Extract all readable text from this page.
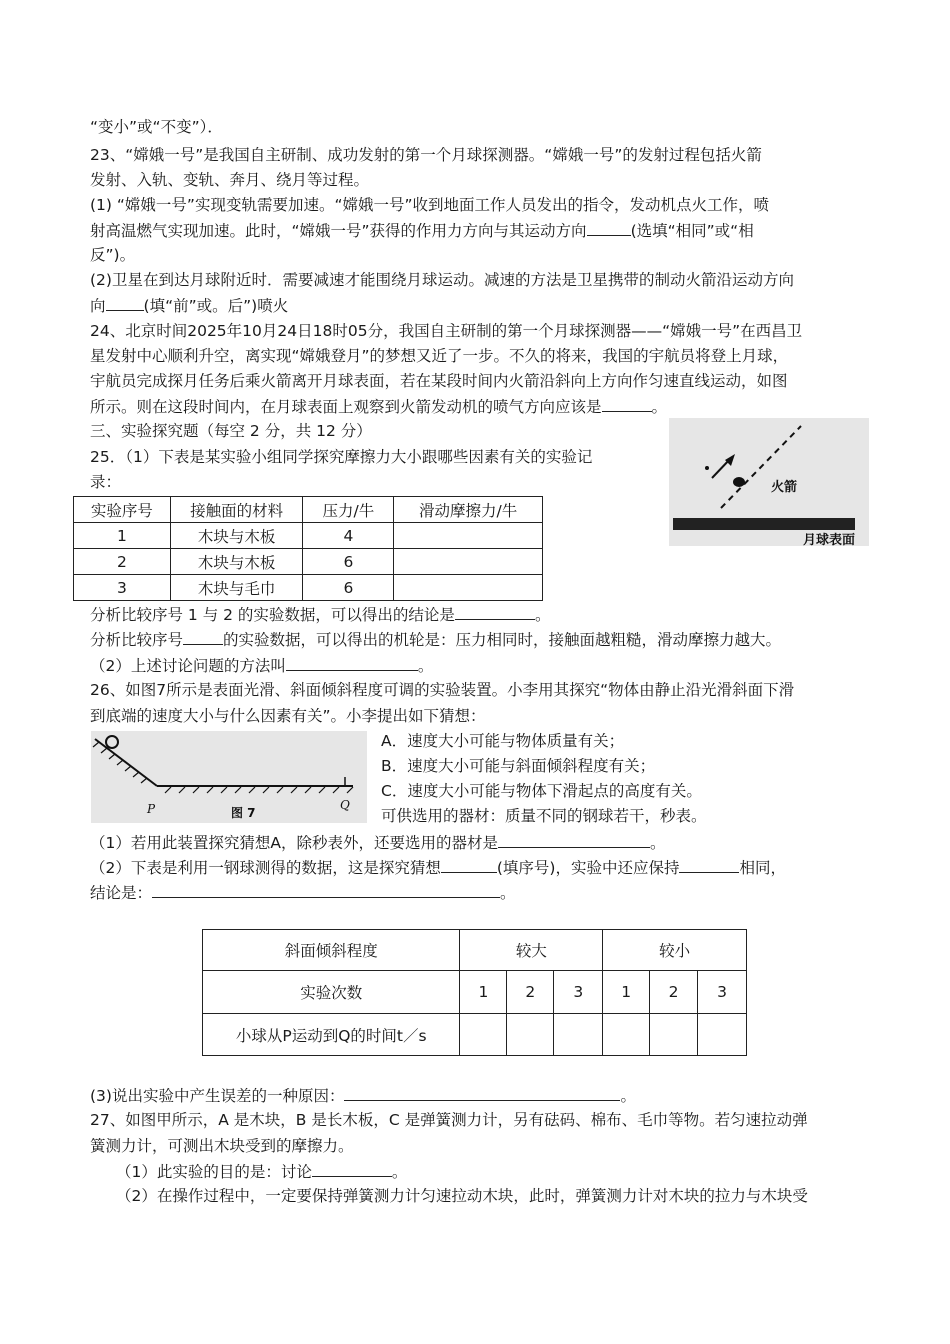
“变小”或“不变”）．
23、“嫦娥一号”是我国自主研制、成功发射的第一个月球探测器。“嫦娥一号”的发射过程包括火箭
发射、入轨、变轨、奔月、绕月等过程。
(1) “嫦娥一号”实现变轨需要加速。“嫦娥一号”收到地面工作人员发出的指令，发动机点火工作，喷
射高温燃气实现加速。此时，“嫦娥一号”获得的作用力方向与其运动方向	(选填“相同”或“相
反”)。
(2)卫星在到达月球附近时．需要减速才能围绕月球运动。减速的方法是卫星携带的制动火箭沿运动方向
向 (填“前”或。后”)喷火
24、北京时间2025年10月24日18时05分，我国自主研制的第一个月球探测器——“嫦娥一号”在西昌卫
星发射中心顺利升空，离实现“嫦娥登月”的梦想又近了一步。不久的将来，我国的宇航员将登上月球，
宇航员完成探月任务后乘火箭离开月球表面，若在某段时间内火箭沿斜向上方向作匀速直线运动，如图
所示。则在这段时间内，在月球表面上观察到火箭发动机的喷气方向应该是	。
三、实验探究题（每空 2 分，共 12 分）
25．（1）下表是某实验小组同学探究摩擦力大小跟哪些因素有关的实验记
录：	火箭
月球表面
实验序号	接触面的材料	压力/牛	滑动摩擦力/牛
1	木块与木板	4	
2	木块与木板	6	
3	木块与毛巾	6	
分析比较序号 1 与 2 的实验数据，可以得出的结论是	。
分析比较序号	的实验数据，可以得出的机轮是：压力相同时，接触面越粗糙，滑动摩擦力越大。
（2）上述讨论问题的方法叫	。
26、如图7所示是表面光滑、斜面倾斜程度可调的实验装置。小李用其探究“物体由静止沿光滑斜面下滑
到底端的速度大小与什么因素有关”。小李提出如下猜想：
P	图 7
Q
A．速度大小可能与物体质量有关；
B．速度大小可能与斜面倾斜程度有关；
C．速度大小可能与物体下滑起点的高度有关。
可供选用的器材：质量不同的钢球若干，秒表。
（1）若用此装置探究猜想A，除秒表外，还要选用的器材是	。
（2）下表是利用一钢球测得的数据，这是探究猜想	(填序号)，实验中还应保持	相同，
结论是：	。
斜面倾斜程度	较大			较小		
实验次数	1	2	3	1	2	3
小球从P运动到Q的时间t／s						
(3)说出实验中产生误差的一种原因：	。
27、如图甲所示，A 是木块，B 是长木板，C 是弹簧测力计，另有砝码、棉布、毛巾等物。若匀速拉动弹
簧测力计，可测出木块受到的摩擦力。
（1）此实验的目的是：讨论	。
（2）在操作过程中，一定要保持弹簧测力计匀速拉动木块，此时，弹簧测力计对木块的拉力与木块受
